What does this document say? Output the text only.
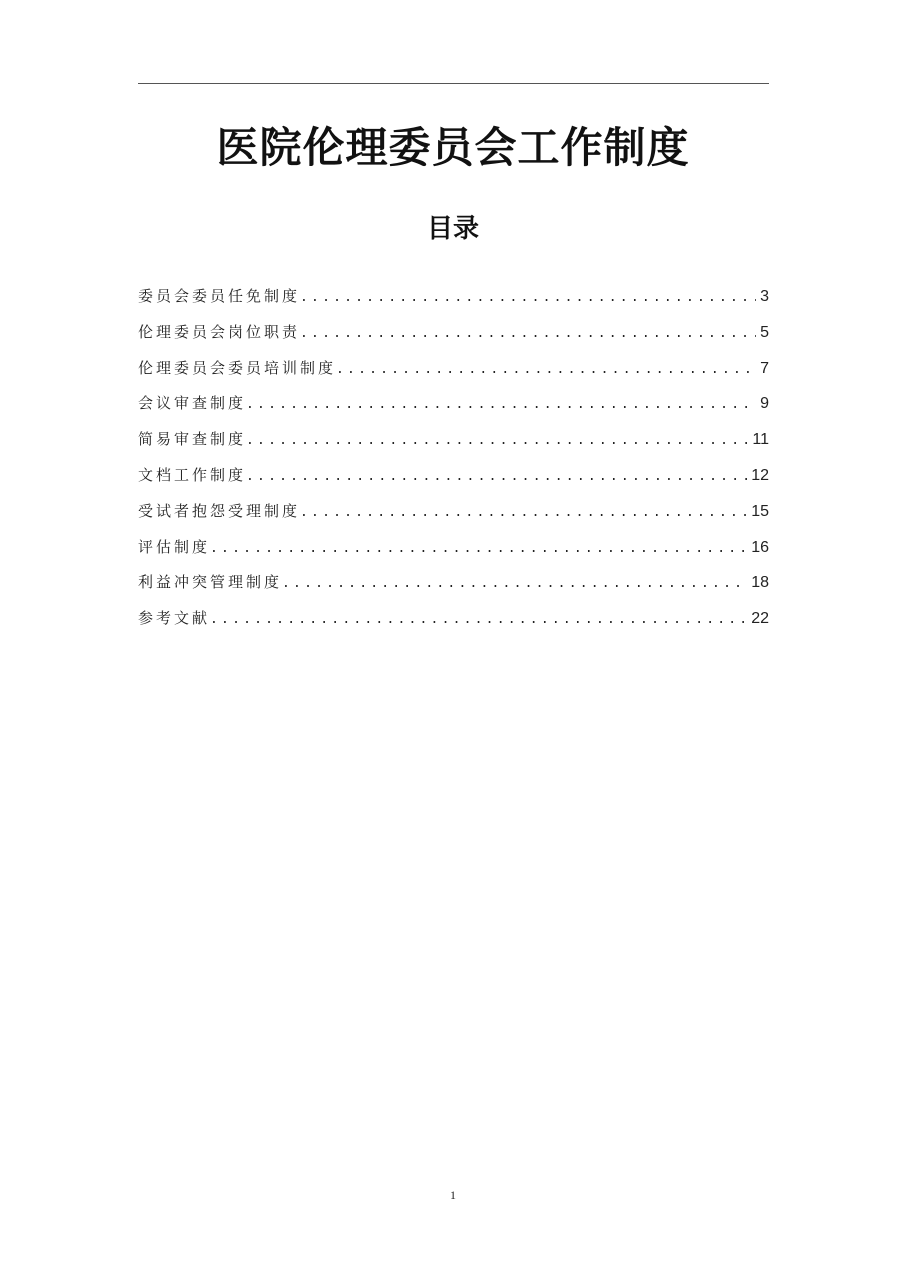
医院伦理委员会工作制度
目录
委员会委员任免制度 .....	3
伦理委员会岗位职责 .....	5
伦理委员会委员培训制度 .....	7
会议审查制度 .....	9
简易审查制度 .....	11
文档工作制度 .....	12
受试者抱怨受理制度 .....	15
评估制度 .....	16
利益冲突管理制度 .....	18
参考文献 .....	22
1
